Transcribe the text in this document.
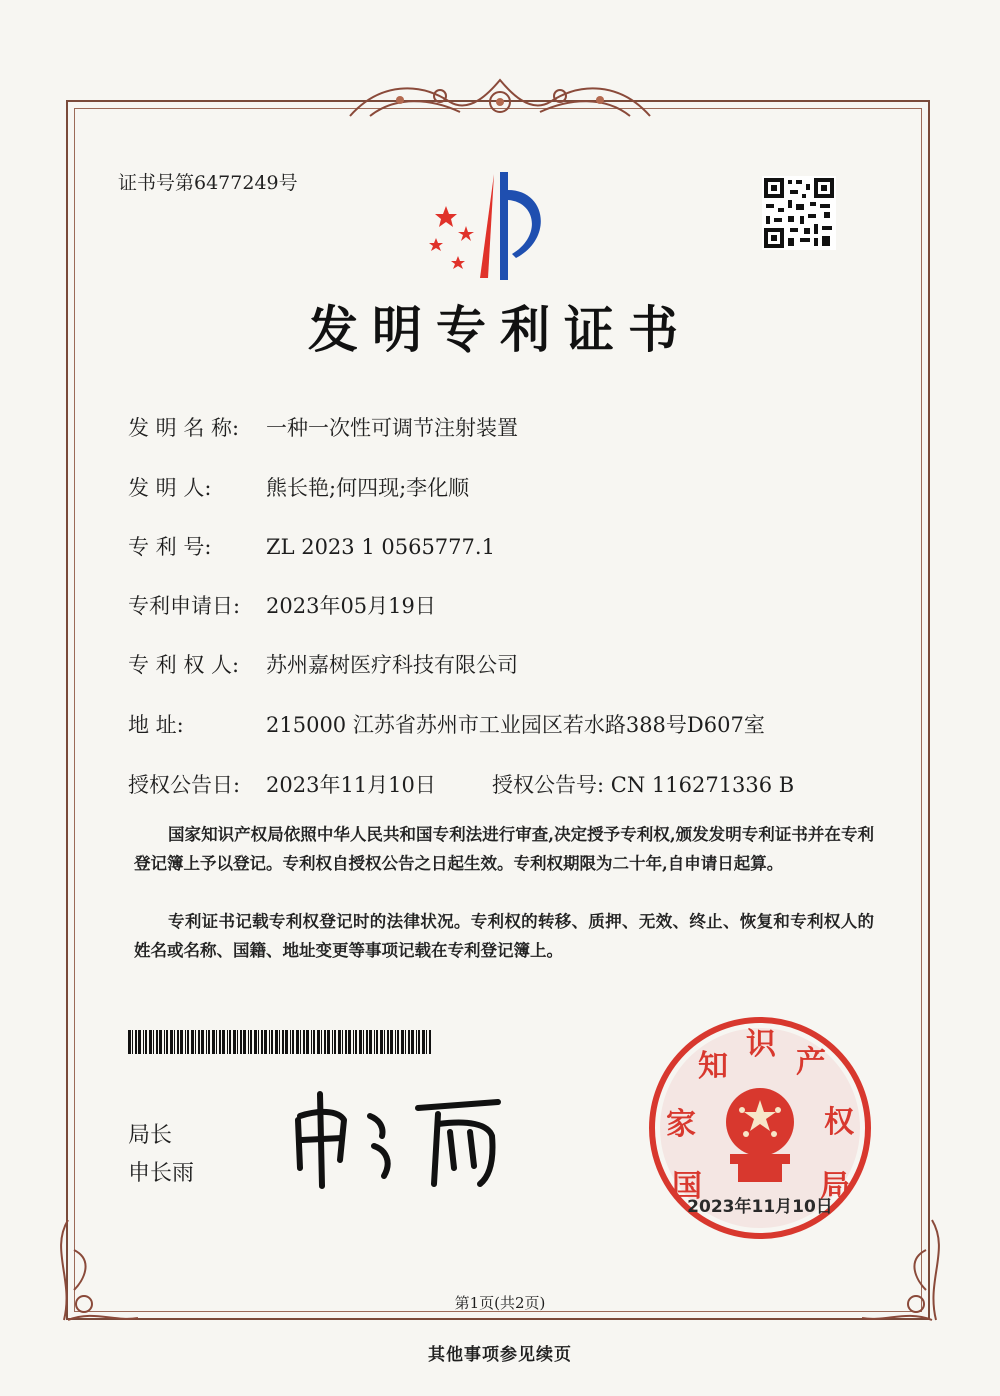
证书号第6477249号
发明专利证书
发 明 名 称: 一种一次性可调节注射装置
发 明 人:	熊长艳;何四现;李化顺
专 利 号:	ZL 2023 1 0565777.1
专利申请日: 2023年05月19日
专 利 权 人: 苏州嘉树医疗科技有限公司
地 址:	215000 江苏省苏州市工业园区若水路388号D607室
授权公告日: 2023年11月10日	授权公告号: CN 116271336 B
国家知识产权局依照中华人民共和国专利法进行审查,决定授予专利权,颁发发明专利证书并在专利登记簿上予以登记。专利权自授权公告之日起生效。专利权期限为二十年,自申请日起算。
专利证书记载专利权登记时的法律状况。专利权的转移、质押、无效、终止、恢复和专利权人的姓名或名称、国籍、地址变更等事项记载在专利登记簿上。
局长
申长雨	国
家
知
识
产
权
局
2023年11月10日
第1页(共2页)
其他事项参见续页
